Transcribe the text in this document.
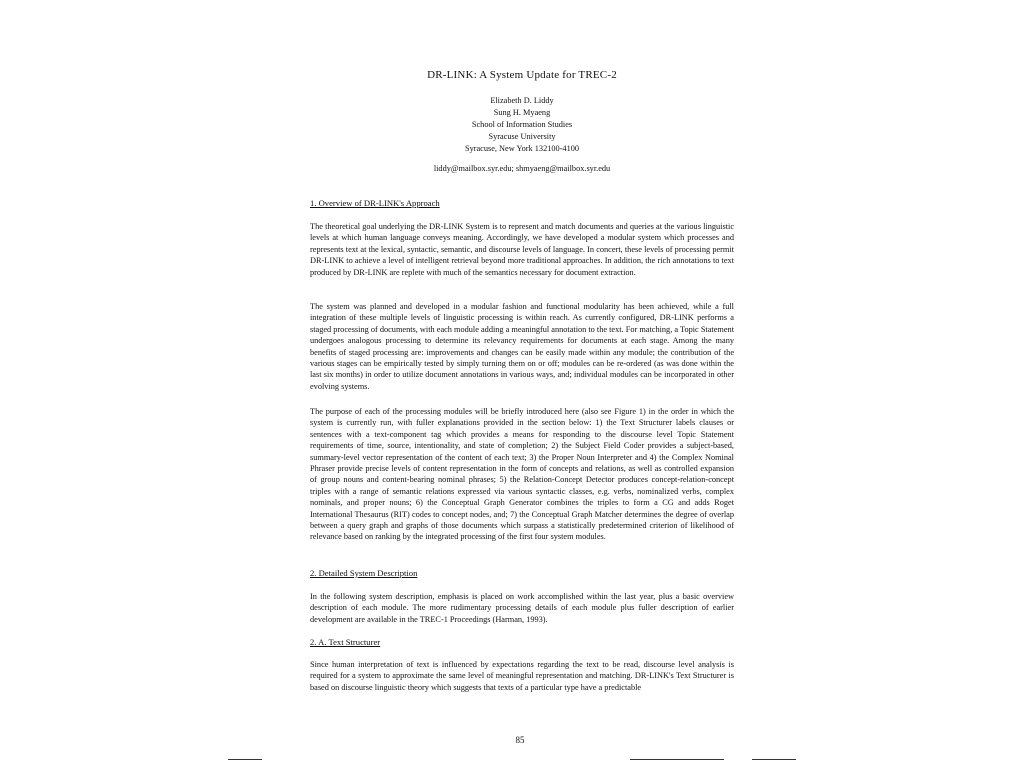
DR-LINK: A System Update for TREC-2
Elizabeth D. Liddy
Sung H. Myaeng
School of Information Studies
Syracuse University
Syracuse, New York 132100-4100
liddy@mailbox.syr.edu; shmyaeng@mailbox.syr.edu
1. Overview of DR-LINK's Approach
The theoretical goal underlying the DR-LINK System is to represent and match documents and queries at the various linguistic levels at which human language conveys meaning. Accordingly, we have developed a modular system which processes and represents text at the lexical, syntactic, semantic, and discourse levels of language. In concert, these levels of processing permit DR-LINK to achieve a level of intelligent retrieval beyond more traditional approaches. In addition, the rich annotations to text produced by DR-LINK are replete with much of the semantics necessary for document extraction.
The system was planned and developed in a modular fashion and functional modularity has been achieved, while a full integration of these multiple levels of linguistic processing is within reach. As currently configured, DR-LINK performs a staged processing of documents, with each module adding a meaningful annotation to the text. For matching, a Topic Statement undergoes analogous processing to determine its relevancy requirements for documents at each stage. Among the many benefits of staged processing are: improvements and changes can be easily made within any module; the contribution of the various stages can be empirically tested by simply turning them on or off; modules can be re-ordered (as was done within the last six months) in order to utilize document annotations in various ways, and; individual modules can be incorporated in other evolving systems.
The purpose of each of the processing modules will be briefly introduced here (also see Figure 1) in the order in which the system is currently run, with fuller explanations provided in the section below: 1) the Text Structurer labels clauses or sentences with a text-component tag which provides a means for responding to the discourse level Topic Statement requirements of time, source, intentionality, and state of completion; 2) the Subject Field Coder provides a subject-based, summary-level vector representation of the content of each text; 3) the Proper Noun Interpreter and 4) the Complex Nominal Phraser provide precise levels of content representation in the form of concepts and relations, as well as controlled expansion of group nouns and content-bearing nominal phrases; 5) the Relation-Concept Detector produces concept-relation-concept triples with a range of semantic relations expressed via various syntactic classes, e.g. verbs, nominalized verbs, complex nominals, and proper nouns; 6) the Conceptual Graph Generator combines the triples to form a CG and adds Roget International Thesaurus (RIT) codes to concept nodes, and; 7) the Conceptual Graph Matcher determines the degree of overlap between a query graph and graphs of those documents which surpass a statistically predetermined criterion of likelihood of relevance based on ranking by the integrated processing of the first four system modules.
2. Detailed System Description
In the following system description, emphasis is placed on work accomplished within the last year, plus a basic overview description of each module. The more rudimentary processing details of each module plus fuller description of earlier development are available in the TREC-1 Proceedings (Harman, 1993).
2. A. Text Structurer
Since human interpretation of text is influenced by expectations regarding the text to be read, discourse level analysis is required for a system to approximate the same level of meaningful representation and matching. DR-LINK's Text Structurer is based on discourse linguistic theory which suggests that texts of a particular type have a predictable
85
